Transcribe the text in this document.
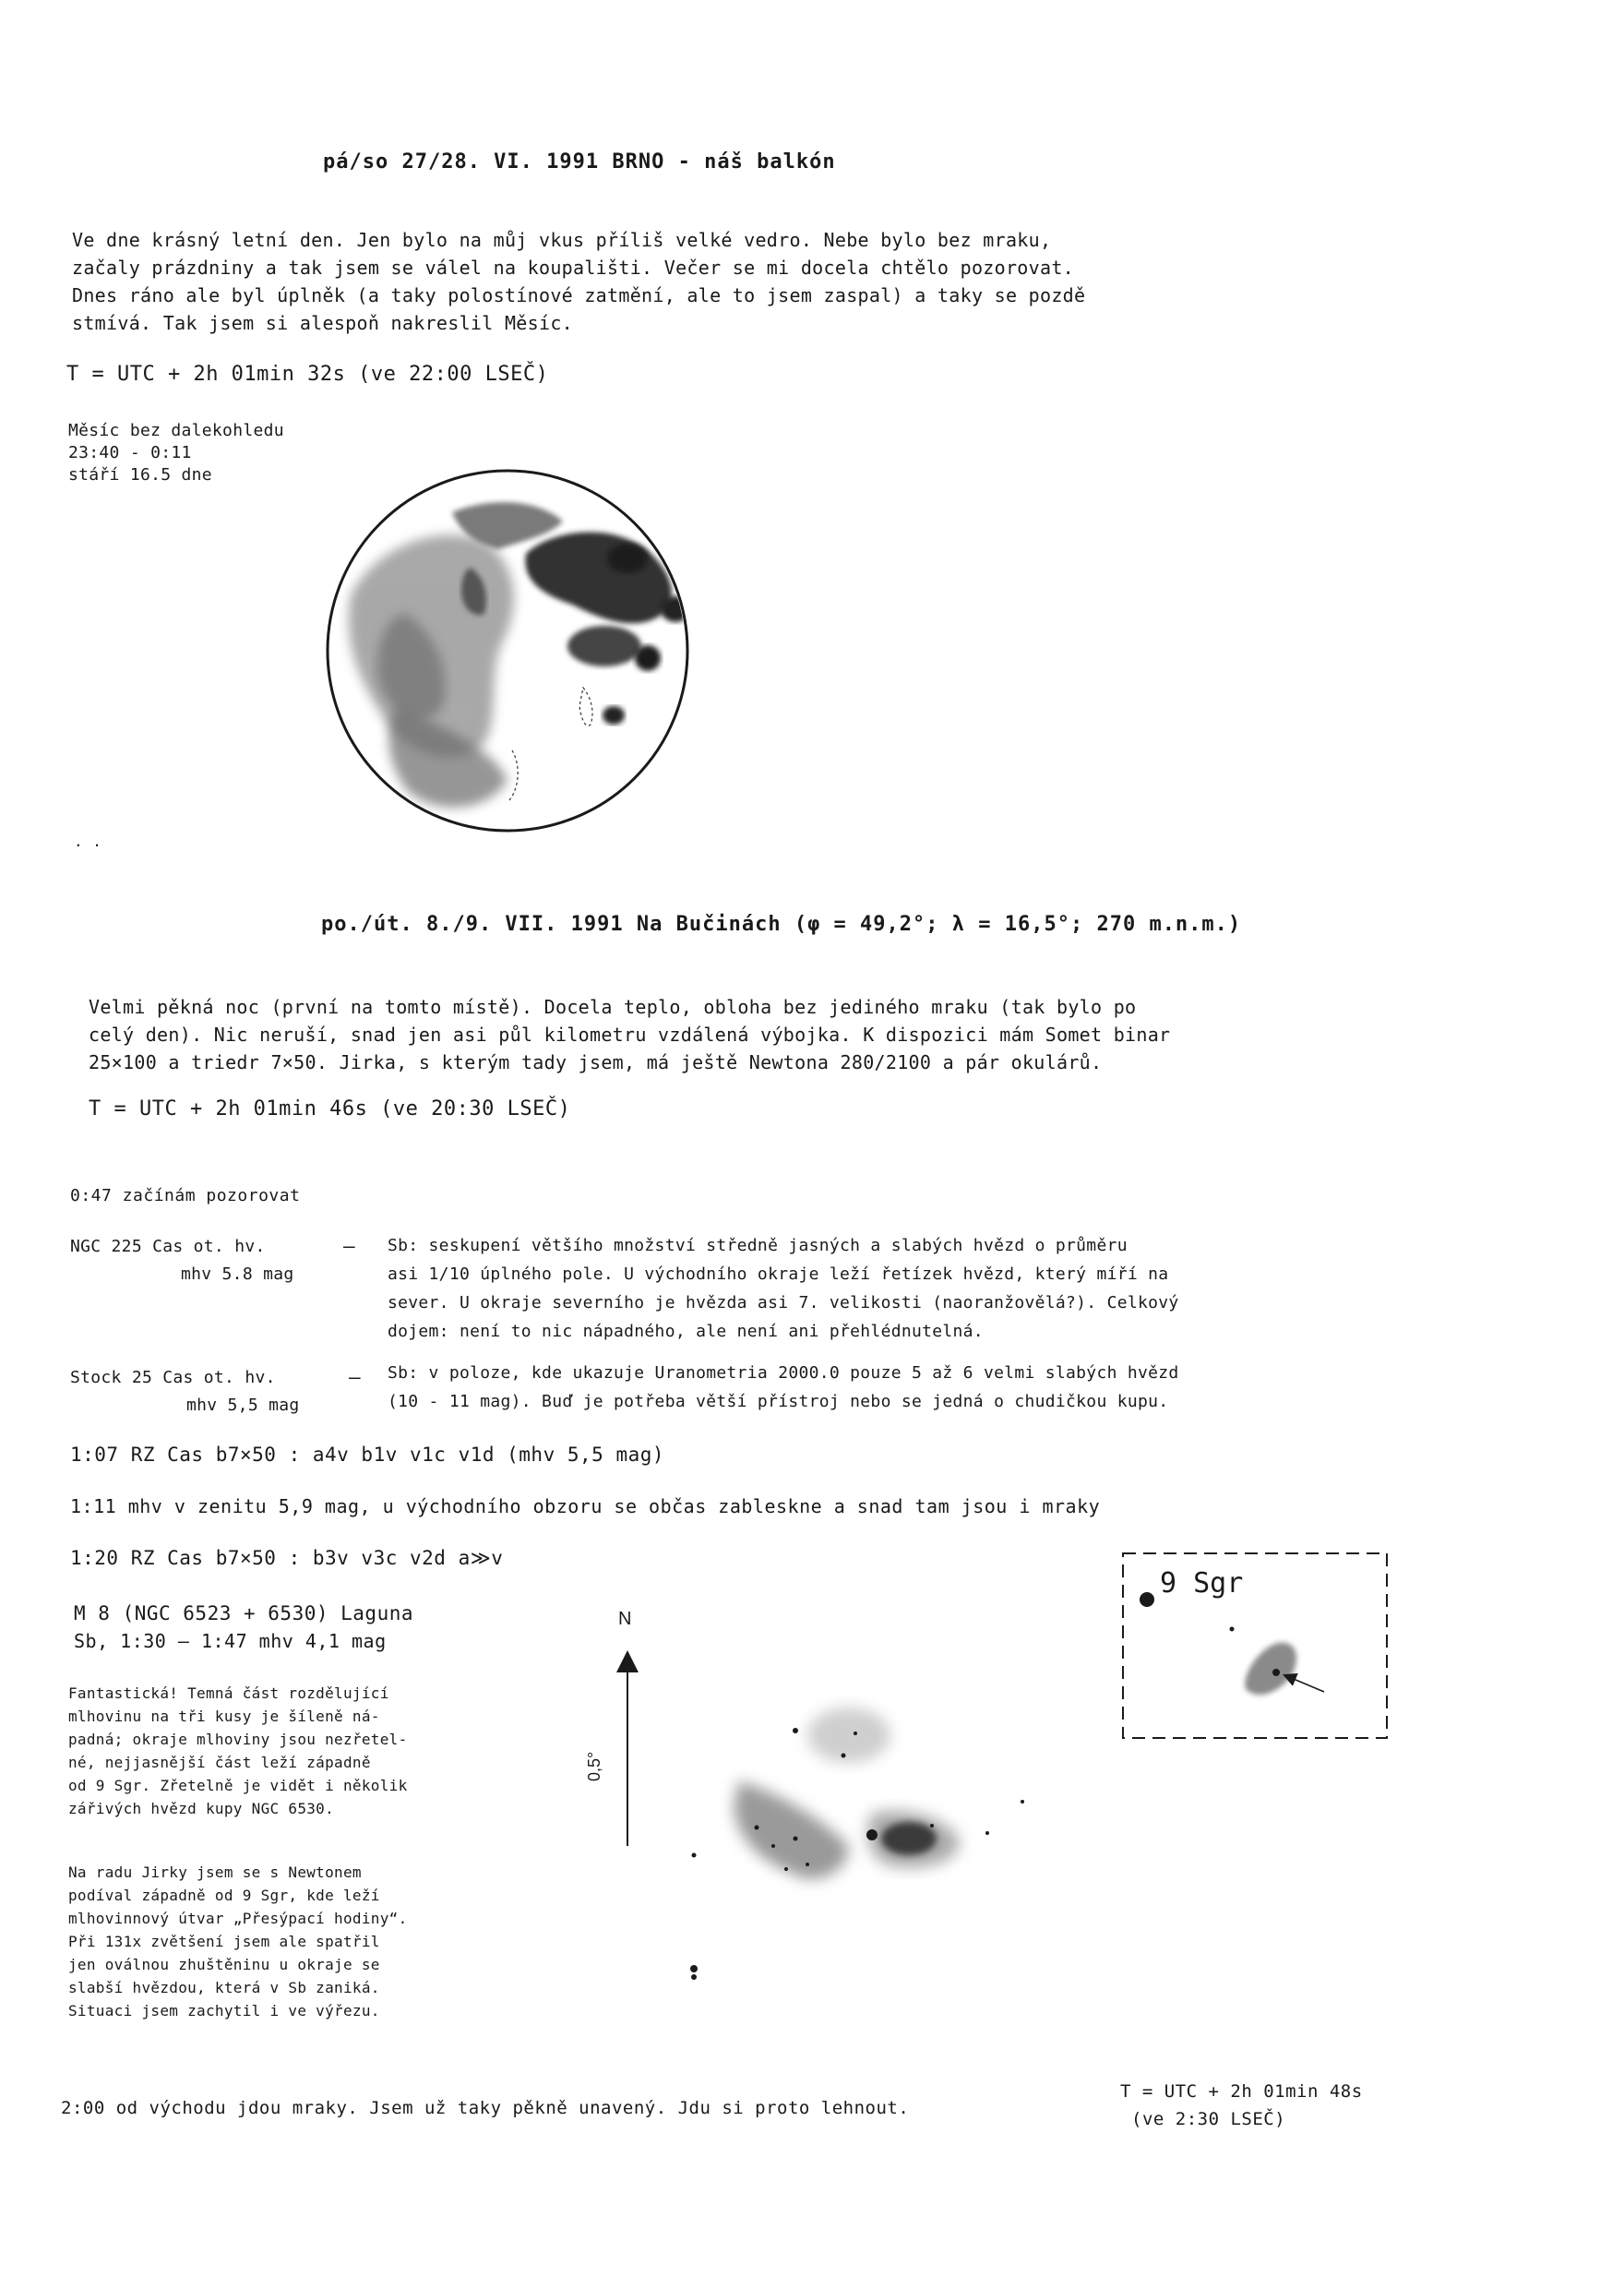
pá/so 27/28. VI. 1991 BRNO - náš balkón
Ve dne krásný letní den. Jen bylo na můj vkus příliš velké vedro. Nebe bylo bez mraku,
začaly prázdniny a tak jsem se válel na koupališti. Večer se mi docela chtělo pozorovat.
Dnes ráno ale byl úplněk (a taky polostínové zatmění, ale to jsem zaspal) a taky se pozdě
stmívá. Tak jsem si alespoň nakreslil Měsíc.
T = UTC + 2h 01min 32s (ve 22:00 LSEČ)
Měsíc bez dalekohledu
23:40 - 0:11
stáří 16.5 dne
. .
po./út. 8./9. VII. 1991 Na Bučinách (φ = 49,2°; λ = 16,5°; 270 m.n.m.)
Velmi pěkná noc (první na tomto místě). Docela teplo, obloha bez jediného mraku (tak bylo po
celý den). Nic neruší, snad jen asi půl kilometru vzdálená výbojka. K dispozici mám Somet binar
25×100 a triedr 7×50. Jirka, s kterým tady jsem, má ještě Newtona 280/2100 a pár okulárů.
T = UTC + 2h 01min 46s (ve 20:30 LSEČ)
0:47 začínám pozorovat
NGC 225 Cas ot. hv.
mhv 5.8 mag
– Sb: seskupení většího množství středně jasných a slabých hvězd o průměru
asi 1/10 úplného pole. U východního okraje leží řetízek hvězd, který míří na
sever. U okraje severního je hvězda asi 7. velikosti (naoranžovělá?). Celkový
dojem: není to nic nápadného, ale není ani přehlédnutelná.
Stock 25 Cas ot. hv.
mhv 5,5 mag
– Sb: v poloze, kde ukazuje Uranometria 2000.0 pouze 5 až 6 velmi slabých hvězd
(10 - 11 mag). Buď je potřeba větší přístroj nebo se jedná o chudičkou kupu.
1:07 RZ Cas b7×50 : a4v b1v v1c v1d (mhv 5,5 mag)
1:11 mhv v zenitu 5,9 mag, u východního obzoru se občas zableskne a snad tam jsou i mraky
1:20 RZ Cas b7×50 : b3v v3c v2d a≫v
M 8 (NGC 6523 + 6530) Laguna
Sb, 1:30 – 1:47 mhv 4,1 mag
Fantastická! Temná část rozdělující
mlhovinu na tři kusy je šíleně ná-
padná; okraje mlhoviny jsou nezřetel-
né, nejjasnější část leží západně
od 9 Sgr. Zřetelně je vidět i několik
zářivých hvězd kupy NGC 6530.
Na radu Jirky jsem se s Newtonem
podíval západně od 9 Sgr, kde leží
mlhovinnový útvar „Přesýpací hodiny“.
Při 131x zvětšení jsem ale spatřil
jen oválnou zhuštěninu u okraje se
slabší hvězdou, která v Sb zaniká.
Situaci jsem zachytil i ve výřezu.
N
0,5°
9 Sgr
2:00 od východu jdou mraky. Jsem už taky pěkně unavený. Jdu si proto lehnout.
T = UTC + 2h 01min 48s
(ve 2:30 LSEČ)
